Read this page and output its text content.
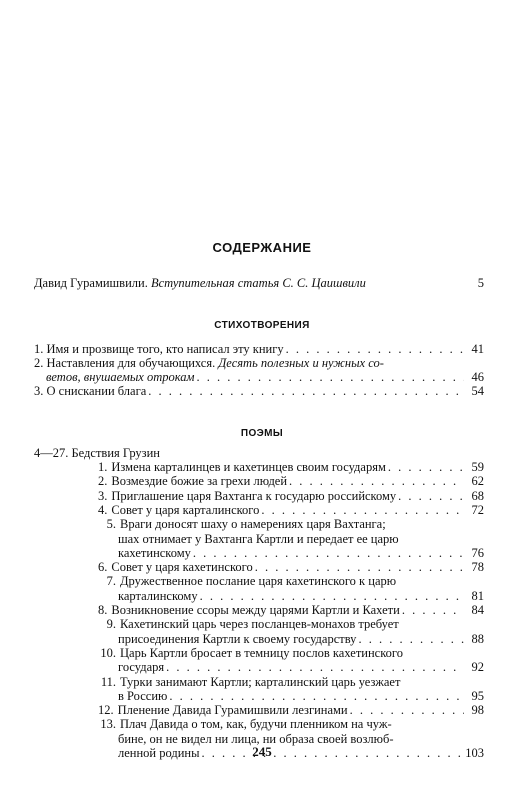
СОДЕРЖАНИЕ
Давид Гурамишвили. Вступительная статья С. С. Цаишвили	5
СТИХОТВОРЕНИЯ
1. Имя и прозвище того, кто написал эту книгу . . .	41
2. Наставления для обучающихся. Десять полезных и нужных со-
ветов, внушаемых отрокам . . .	46
3. О снискании блага . . .	54
ПОЭМЫ
4—27. Бедствия Грузин
1. Измена карталинцев и кахетинцев своим государям . . .	59
2. Возмездие божие за грехи людей . . .	62
3. Приглашение царя Вахтанга к государю российскому . . .	68
4. Совет у царя карталинского . . .	72
5. Враги доносят шаху о намерениях царя Вахтанга;
шах отнимает у Вахтанга Картли и передает ее царю
кахетинскому . . .	76
6. Совет у царя кахетинского . . .	78
7. Дружественное послание царя кахетинского к царю
карталинскому . . .	81
8. Возникновение ссоры между царями Картли и Кахети . . .	84
9. Кахетинский царь через посланцев-монахов требует
присоединения Картли к своему государству . . .	88
10. Царь Картли бросает в темницу послов кахетинского
государя . . .	92
11. Турки занимают Картли; карталинский царь уезжает
в Россию . . .	95
12. Пленение Давида Гурамишвили лезгинами . . .	98
13. Плач Давида о том, как, будучи пленником на чуж-
бине, он не видел ни лица, ни образа своей возлюб-
ленной родины . . .	103
245
